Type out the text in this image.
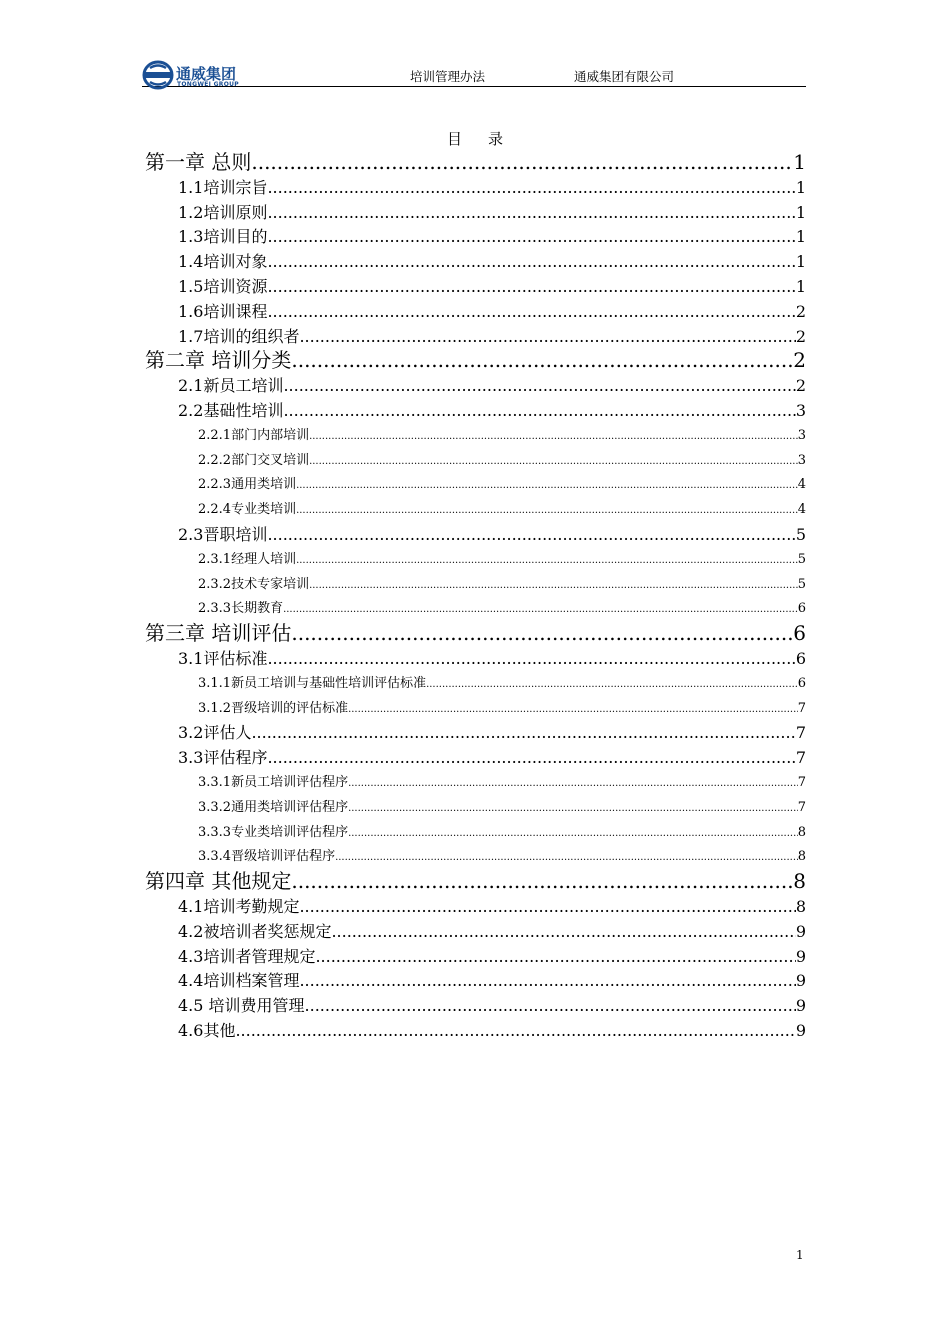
通威集团
TONGWEI GROUP
培训管理办法	通威集团有限公司
目录
第一章 总则 .....	1
1.1培训宗旨 .....	1
1.2培训原则 .....	1
1.3培训目的 .....	1
1.4培训对象 .....	1
1.5培训资源 .....	1
1.6培训课程 .....	2
1.7培训的组织者 .....	2
第二章 培训分类 .....	2
2.1新员工培训 .....	2
2.2基础性培训 .....	3
2.2.1部门内部培训 .....	3
2.2.2部门交叉培训 .....	3
2.2.3通用类培训 .....	4
2.2.4专业类培训 .....	4
2.3晋职培训 .....	5
2.3.1经理人培训 .....	5
2.3.2技术专家培训 .....	5
2.3.3长期教育 .....	6
第三章 培训评估 .....	6
3.1评估标准 .....	6
3.1.1新员工培训与基础性培训评估标准 .....	6
3.1.2晋级培训的评估标准 .....	7
3.2评估人 .....	7
3.3评估程序 .....	7
3.3.1新员工培训评估程序 .....	7
3.3.2通用类培训评估程序 .....	7
3.3.3专业类培训评估程序 .....	8
3.3.4晋级培训评估程序 .....	8
第四章 其他规定 .....	8
4.1培训考勤规定 .....	8
4.2被培训者奖惩规定 .....	9
4.3培训者管理规定 .....	9
4.4培训档案管理 .....	9
4.5 培训费用管理 .....	9
4.6其他 .....	9
1
